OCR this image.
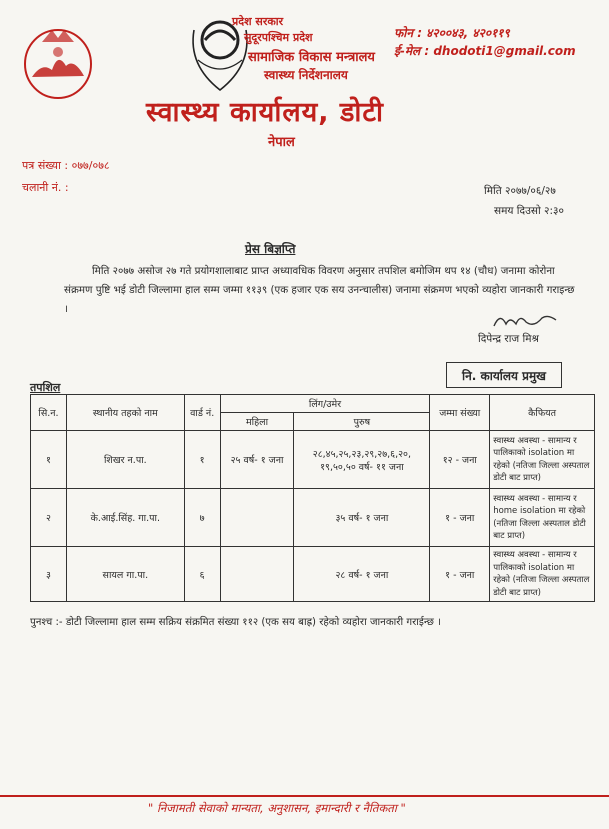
प्रदेश सरकार
सुदूरपश्चिम प्रदेश
सामाजिक विकास मन्त्रालय
स्वास्थ्य निर्देशनालय
स्वास्थ्य कार्यालय, डोटी
नेपाल
फोन : ४२००४३, ४२०११९
ई-मेल : dhodoti1@gmail.com
पत्र संख्या : ०७७/०७८
चलानी नं. :	मिति २०७७/०६/२७
समय दिउसो २:३०
प्रेस बिज्ञप्ति
मिति २०७७ असोज २७ गते प्रयोगशालाबाट प्राप्त अध्यावधिक विवरण अनुसार तपशिल बमोजिम थप १४ (चौध) जनामा कोरोना संक्रमण पुष्टि भई डोटी जिल्लामा हाल सम्म जम्मा ११३९ (एक हजार एक सय उनन्चालीस) जनामा संक्रमण भएको व्यहोरा जानकारी गराइन्छ ।
दिपेन्द्र राज मिश्र
नि. कार्यालय प्रमुख
तपशिल
सि.न.	स्थानीय तहको नाम	वार्ड नं.	लिंग/उमेर		जम्मा संख्या	कैफियत
			महिला	पुरुष		
१	शिखर न.पा.	१	२५ वर्ष- १ जना	२८,४५,२५,२३,२९,२७,६,२०, १९,५०,५० वर्ष- ११ जना	१२ - जना	स्वास्थ्य अवस्था - सामान्य र पालिकाको isolation मा रहेको (नतिजा जिल्ला अस्पताल डोटी बाट प्राप्त)
२	के.आई.सिंह. गा.पा.	७		३५ वर्ष- १ जना	१ - जना	स्वास्थ्य अवस्था - सामान्य र home isolation मा रहेको (नतिजा जिल्ला अस्पताल डोटी बाट प्राप्त)
३	सायल गा.पा.	६		२८ वर्ष- १ जना	१ - जना	स्वास्थ्य अवस्था - सामान्य र पालिकाको isolation मा रहेको (नतिजा जिल्ला अस्पताल डोटी बाट प्राप्त)
पुनश्च :- डोटी जिल्लामा हाल सम्म सक्रिय संक्रमित संख्या ११२ (एक सय बाह्र) रहेको व्यहोरा जानकारी गराईन्छ ।
" निजामती सेवाको मान्यता, अनुशासन, इमान्दारी र नैतिकता "
